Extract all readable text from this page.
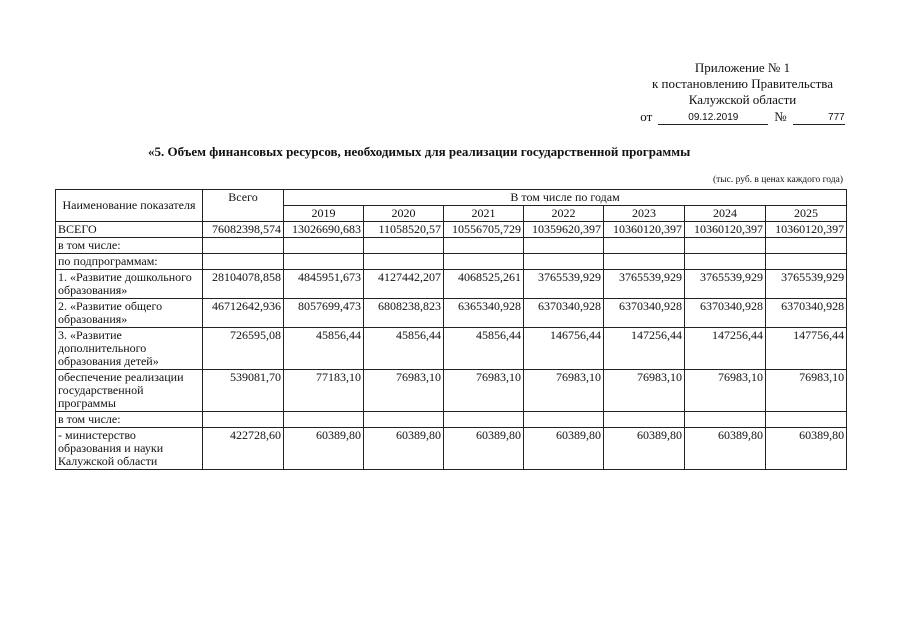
Приложение № 1
к постановлению Правительства
Калужской области
от	09.12.2019	№	777
«5. Объем финансовых ресурсов, необходимых для реализации государственной программы
(тыс. руб. в ценах каждого года)
Наименование показателя	Всего	В том числе по годам						
		2019	2020	2021	2022	2023	2024	2025
ВСЕГО	76082398,574	13026690,683	11058520,57	10556705,729	10359620,397	10360120,397	10360120,397	10360120,397
в том числе:								
по подпрограммам:								
1. «Развитие дошкольного образования»	28104078,858	4845951,673	4127442,207	4068525,261	3765539,929	3765539,929	3765539,929	3765539,929
2. «Развитие общего образования»	46712642,936	8057699,473	6808238,823	6365340,928	6370340,928	6370340,928	6370340,928	6370340,928
3. «Развитие дополнительного образования детей»	726595,08	45856,44	45856,44	45856,44	146756,44	147256,44	147256,44	147756,44
обеспечение реализации государственной программы	539081,70	77183,10	76983,10	76983,10	76983,10	76983,10	76983,10	76983,10
в том числе:								
- министерство образования и науки Калужской области	422728,60	60389,80	60389,80	60389,80	60389,80	60389,80	60389,80	60389,80
